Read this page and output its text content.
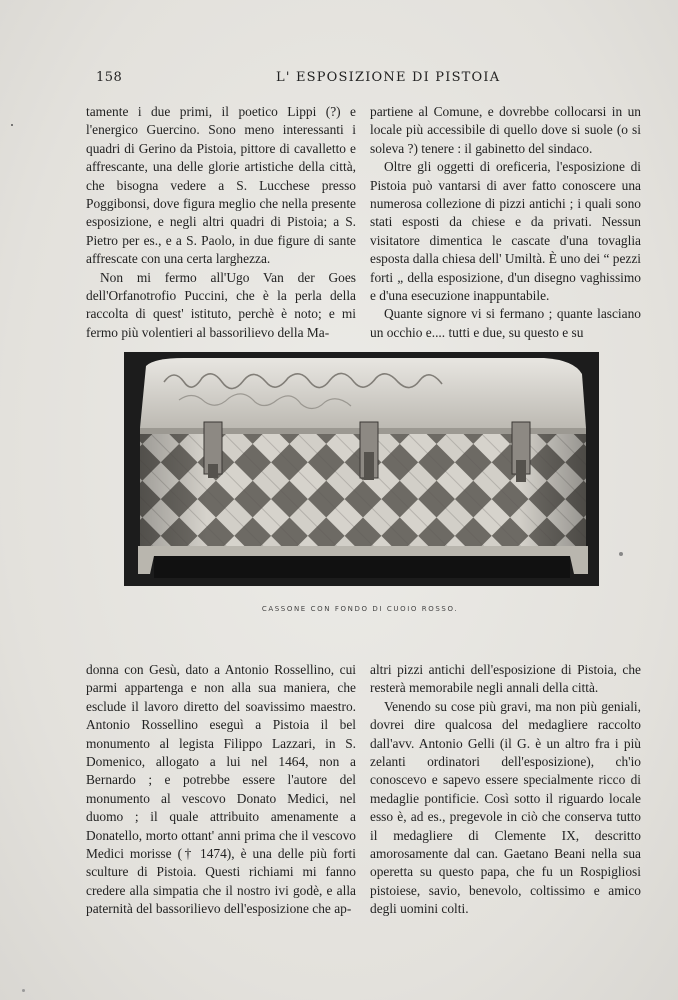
158	L' ESPOSIZIONE DI PISTOIA

tamente i due primi, il poetico Lippi (?) e l'energico Guercino. Sono meno interessanti i quadri di Gerino da Pistoia, pittore di cavalletto e affrescante, una delle glorie artistiche della città, che bisogna vedere a S. Lucchese presso Poggibonsi, dove figura meglio che nella presente esposizione, e negli altri quadri di Pistoia; a S. Pietro per es., e a S. Paolo, in due figure di sante affrescate con una certa larghezza.

Non mi fermo all'Ugo Van der Goes dell'Orfanotrofio Puccini, che è la perla della raccolta di quest' istituto, perchè è noto; e mi fermo più volentieri al bassorilievo della Ma-

partiene al Comune, e dovrebbe collocarsi in un locale più accessibile di quello dove si suole (o si soleva ?) tenere : il gabinetto del sindaco.

Oltre gli oggetti di oreficeria, l'esposizione di Pistoia può vantarsi di aver fatto conoscere una numerosa collezione di pizzi antichi ; i quali sono stati esposti da chiese e da privati. Nessun visitatore dimentica le cascate d'una tovaglia esposta dalla chiesa dell' Umiltà. È uno dei “ pezzi forti „ della esposizione, d'un disegno vaghissimo e d'una esecuzione inappuntabile.

Quante signore vi si fermano ; quante lasciano un occhio e.... tutti e due, su questo e su

CASSONE CON FONDO DI CUOIO ROSSO.

donna con Gesù, dato a Antonio Rossellino, cui parmi appartenga e non alla sua maniera, che esclude il lavoro diretto del soavissimo maestro. Antonio Rossellino eseguì a Pistoia il bel monumento al legista Filippo Lazzari, in S. Domenico, allogato a lui nel 1464, non a Bernardo ; e potrebbe essere l'autore del monumento al vescovo Donato Medici, nel duomo ; il quale attribuito amenamente a Donatello, morto ottant' anni prima che il vescovo Medici morisse († 1474), è una delle più forti sculture di Pistoia. Questi richiami mi fanno credere alla simpatia che il nostro ivi godè, e alla paternità del bassorilievo dell'esposizione che ap-

altri pizzi antichi dell'esposizione di Pistoia, che resterà memorabile negli annali della città.

Venendo su cose più gravi, ma non più geniali, dovrei dire qualcosa del medagliere raccolto dall'avv. Antonio Gelli (il G. è un altro fra i più zelanti ordinatori dell'esposizione), ch'io conoscevo e sapevo essere specialmente ricco di medaglie pontificie. Così sotto il riguardo locale esso è, ad es., pregevole in ciò che conserva tutto il medagliere di Clemente IX, descritto amorosamente dal can. Gaetano Beani nella sua operetta su questo papa, che fu un Rospigliosi pistoiese, savio, benevolo, coltissimo e amico degli uomini colti.
